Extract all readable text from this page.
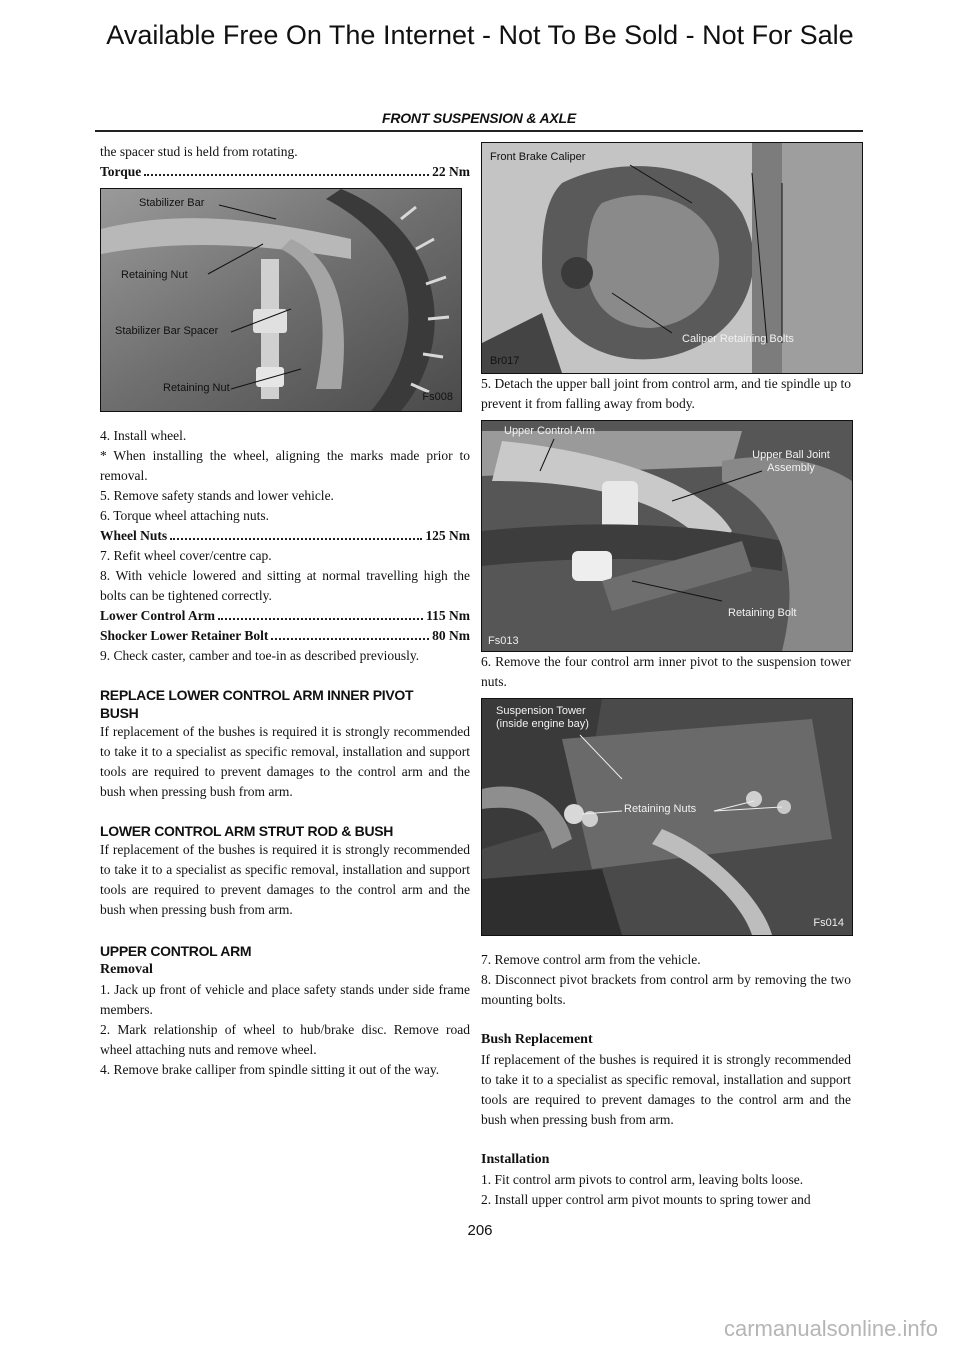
Available Free On The Internet - Not To Be Sold - Not For Sale
FRONT SUSPENSION & AXLE

the spacer stud is held from rotating.

Torque	22 Nm
Stabilizer Bar
Retaining Nut
Stabilizer Bar Spacer
Retaining Nut
Fs008

4. Install wheel.

* When installing the wheel, aligning the marks made prior to removal.

5. Remove safety stands and lower vehicle.

6. Torque wheel attaching nuts.

Wheel Nuts	125 Nm

7. Refit wheel cover/centre cap.

8. With vehicle lowered and sitting at normal travelling high the bolts can be tightened correctly.

Lower Control Arm	115 Nm
Shocker Lower Retainer Bolt	80 Nm

9. Check caster, camber and toe-in as described previously.

REPLACE LOWER CONTROL ARM INNER PIVOT BUSH

If replacement of the bushes is required it is strongly recommended to take it to a specialist as specific removal, installation and support tools are required to prevent damages to the control arm and the bush when pressing bush from arm.

LOWER CONTROL ARM STRUT ROD & BUSH

If replacement of the bushes is required it is strongly recommended to take it to a specialist as specific removal, installation and support tools are required to prevent damages to the control arm and the bush when pressing bush from arm.

UPPER CONTROL ARM
Removal

1. Jack up front of vehicle and place safety stands under side frame members.

2. Mark relationship of wheel to hub/brake disc. Remove road wheel attaching nuts and remove wheel.

4. Remove brake calliper from spindle sitting it out of the way.

Front Brake Caliper
Caliper Retaining Bolts
Br017

5. Detach the upper ball joint from control arm, and tie spindle up to prevent it from falling away from body.

Upper Control Arm
Upper Ball Joint Assembly
Retaining Bolt
Fs013

6. Remove the four control arm inner pivot to the suspension tower nuts.

Suspension Tower (inside engine bay)
Retaining Nuts
Fs014

7. Remove control arm from the vehicle.

8. Disconnect pivot brackets from control arm by removing the two mounting bolts.

Bush Replacement

If replacement of the bushes is required it is strongly recommended to take it to a specialist as specific removal, installation and support tools are required to prevent damages to the control arm and the bush when pressing bush from arm.

Installation

1. Fit control arm pivots to control arm, leaving bolts loose.

2. Install upper control arm pivot mounts to spring tower and

206
carmanualsonline.info
